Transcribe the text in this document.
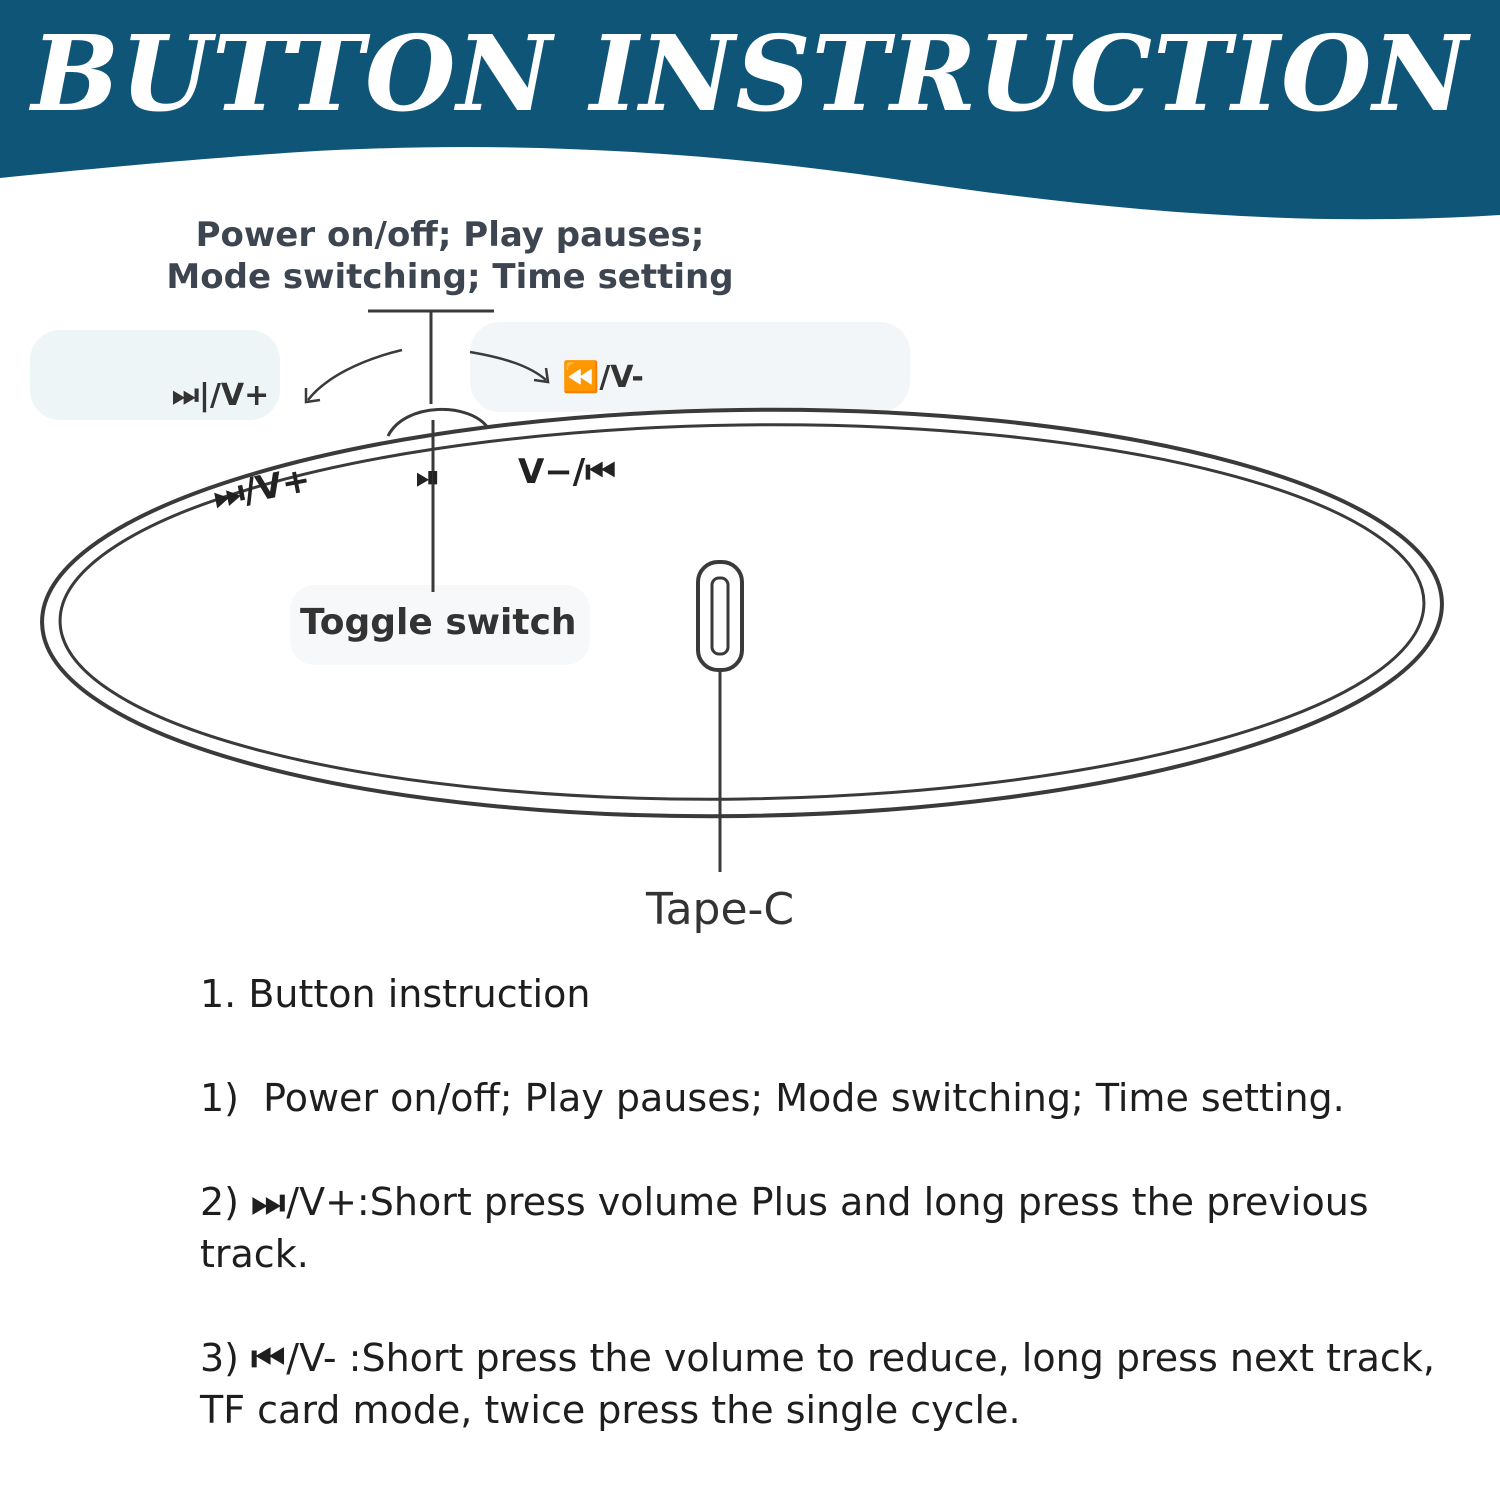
BUTTON INSTRUCTION
Power on/off; Play pauses;
Mode switching; Time setting
⏭|/V+
⏪/V-
⏭/V+	⏯ V−/⏮
Toggle switch
Tape-C
1. Button instruction
1)  Power on/off; Play pauses; Mode switching; Time setting.
2) ⏭ /V+:Short press volume Plus and long press the previous track.
3) ⏮ /V- :Short press the volume to reduce, long press next track, TF card mode, twice press the single cycle.
